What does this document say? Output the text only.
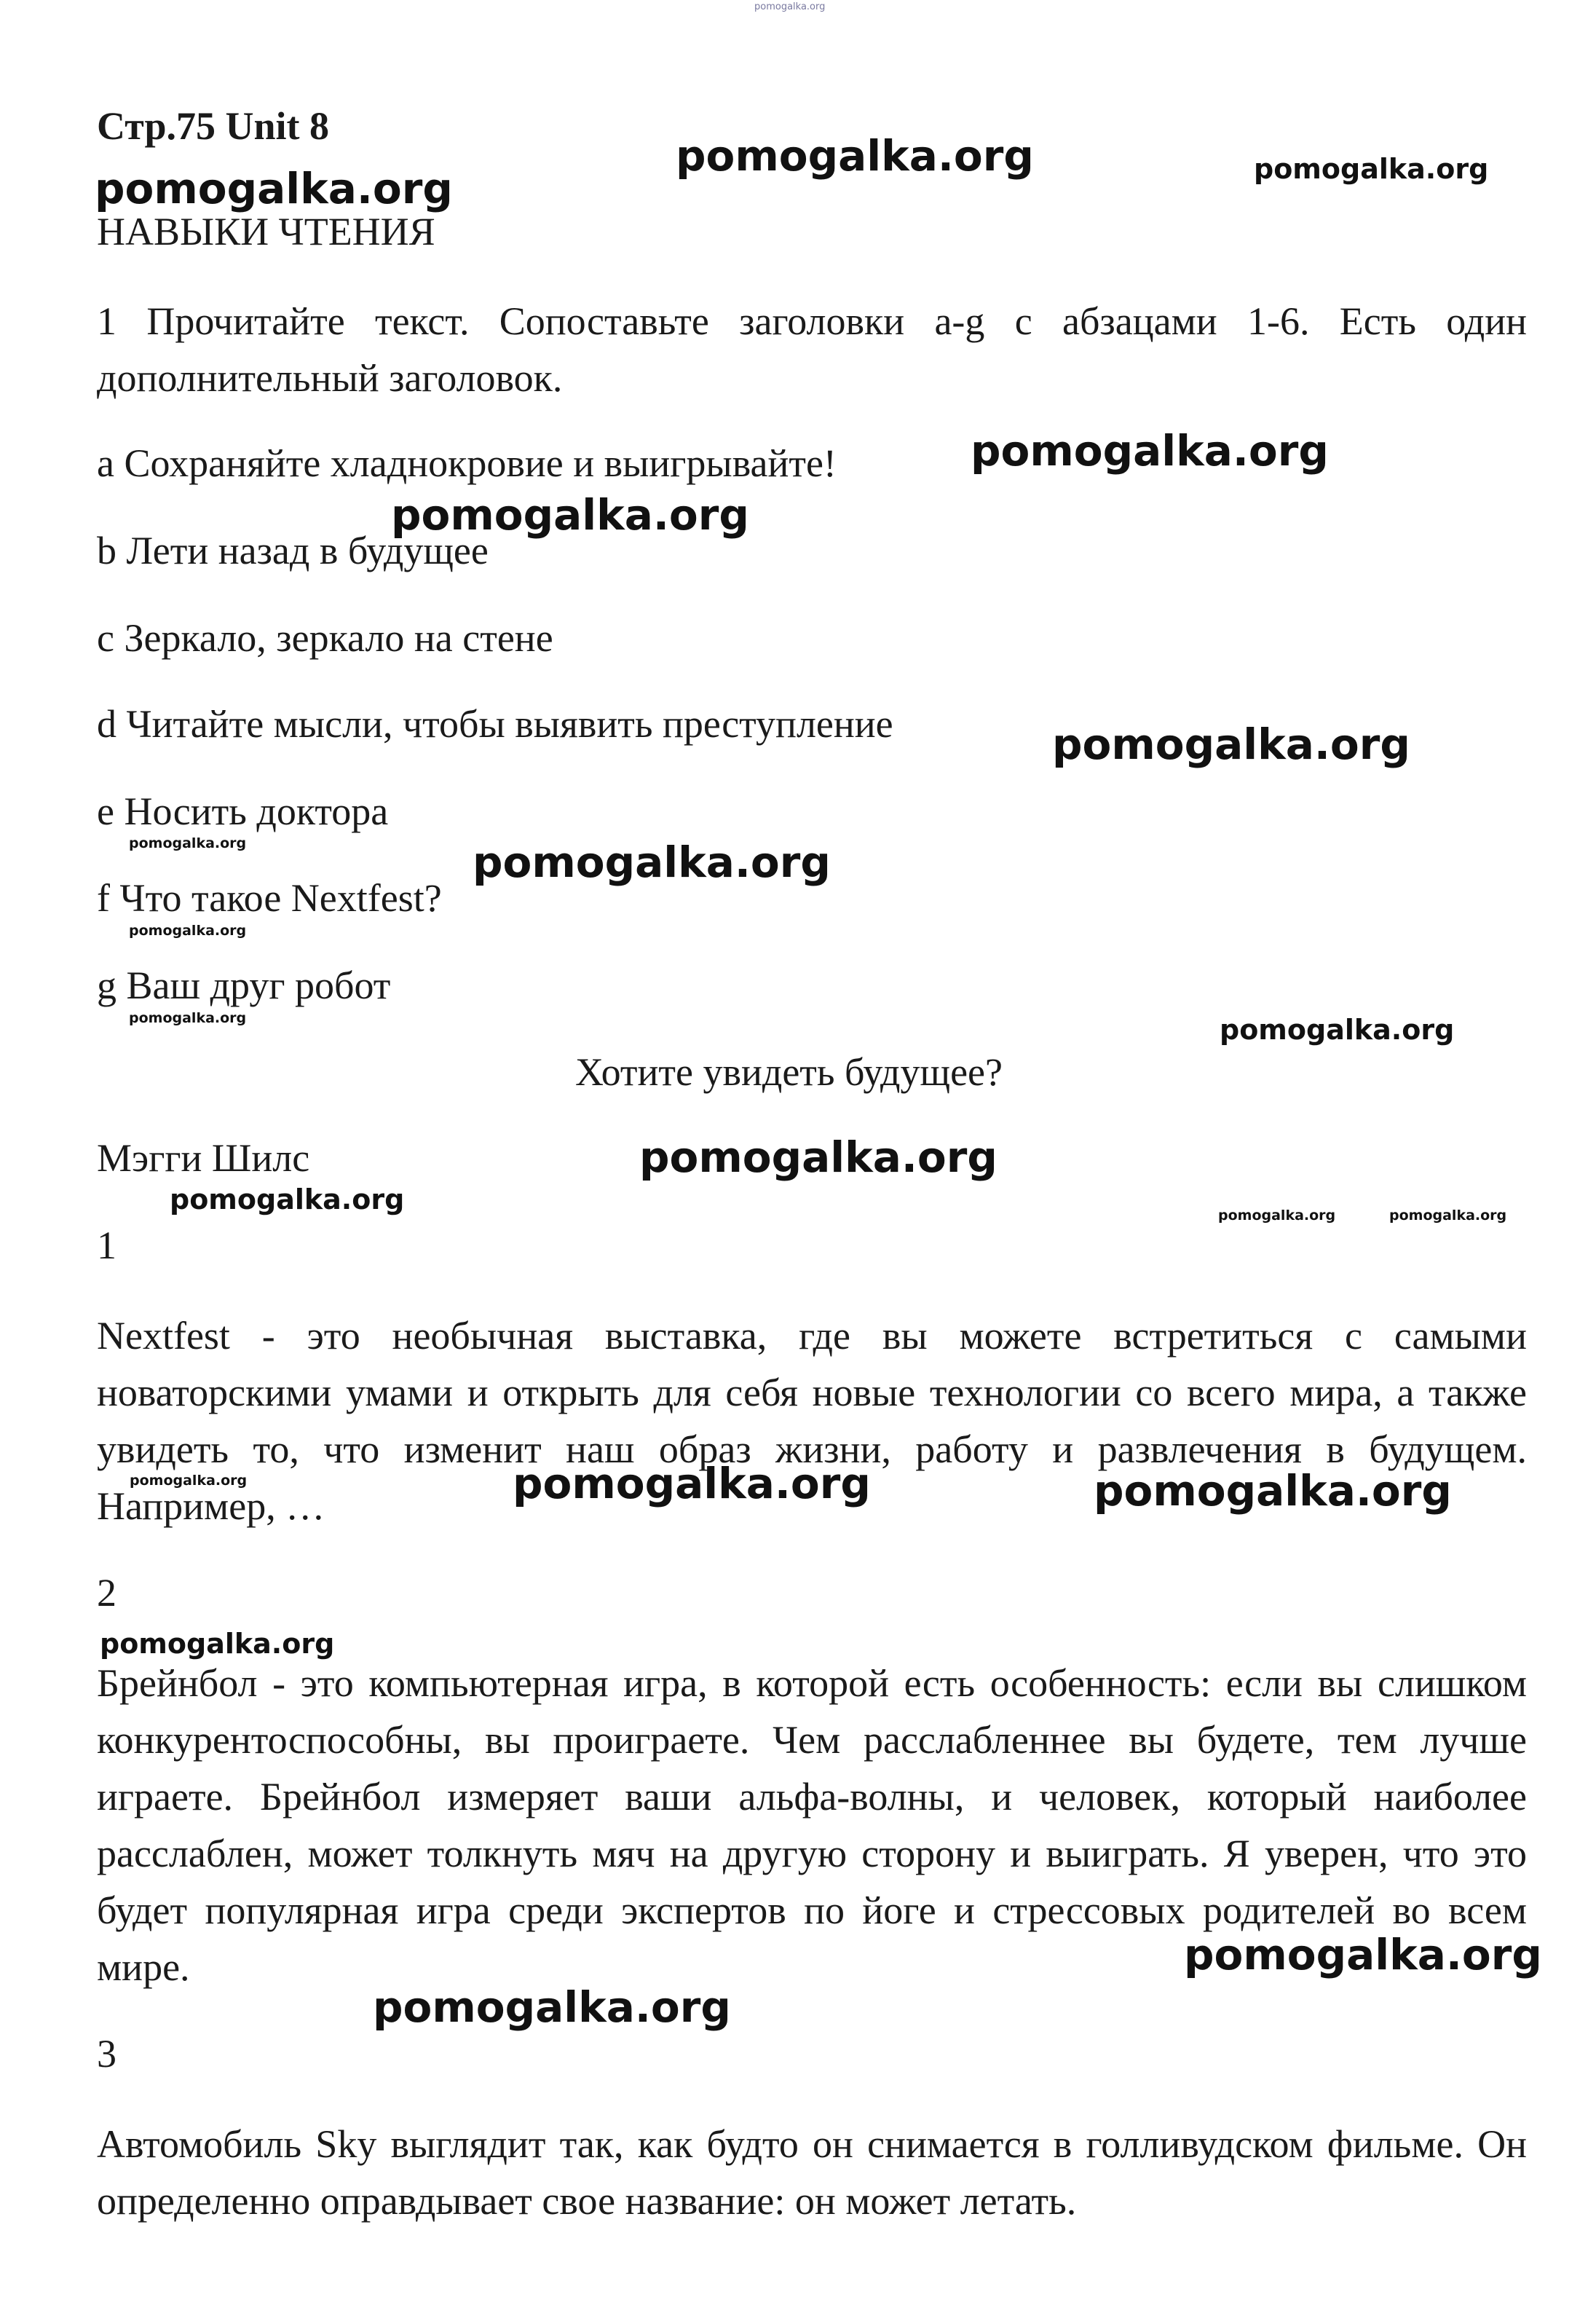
pomogalka.org
Стр.75 Unit 8
pomogalka.org	pomogalka.org
pomogalka.org
НАВЫКИ ЧТЕНИЯ
1 Прочитайте текст. Сопоставьте заголовки a-g с абзацами 1-6. Есть один дополнительный заголовок.
a Сохраняйте хладнокровие и выигрывайте!	pomogalka.org
b Лети назад в будущее
pomogalka.org
c Зеркало, зеркало на стене
d Читайте мысли, чтобы выявить преступление	pomogalka.org
e Носить доктора
pomogalka.org
f Что такое Nextfest?
pomogalka.org
pomogalka.org
g Ваш друг робот
pomogalka.org	pomogalka.org
Хотите увидеть будущее?
Мэгги Шилс	pomogalka.org
pomogalka.org	pomogalka.org	pomogalka.org
1
Nextfest - это необычная выставка, где вы можете встретиться с самыми новаторскими умами и открыть для себя новые технологии со всего мира, а также увидеть то, что изменит наш образ жизни, работу и развлечения в будущем. Например, …
pomogalka.org	pomogalka.org	pomogalka.org
2
pomogalka.org
Брейнбол - это компьютерная игра, в которой есть особенность: если вы слишком конкурентоспособны, вы проиграете. Чем расслабленнее вы будете, тем лучше играете. Брейнбол измеряет ваши альфа-волны, и человек, который наиболее расслаблен, может толкнуть мяч на другую сторону и выиграть. Я уверен, что это будет популярная игра среди экспертов по йоге и стрессовых родителей во всем мире.	pomogalka.org
pomogalka.org
3
Автомобиль Sky выглядит так, как будто он снимается в голливудском фильме. Он определенно оправдывает свое название: он может летать.
